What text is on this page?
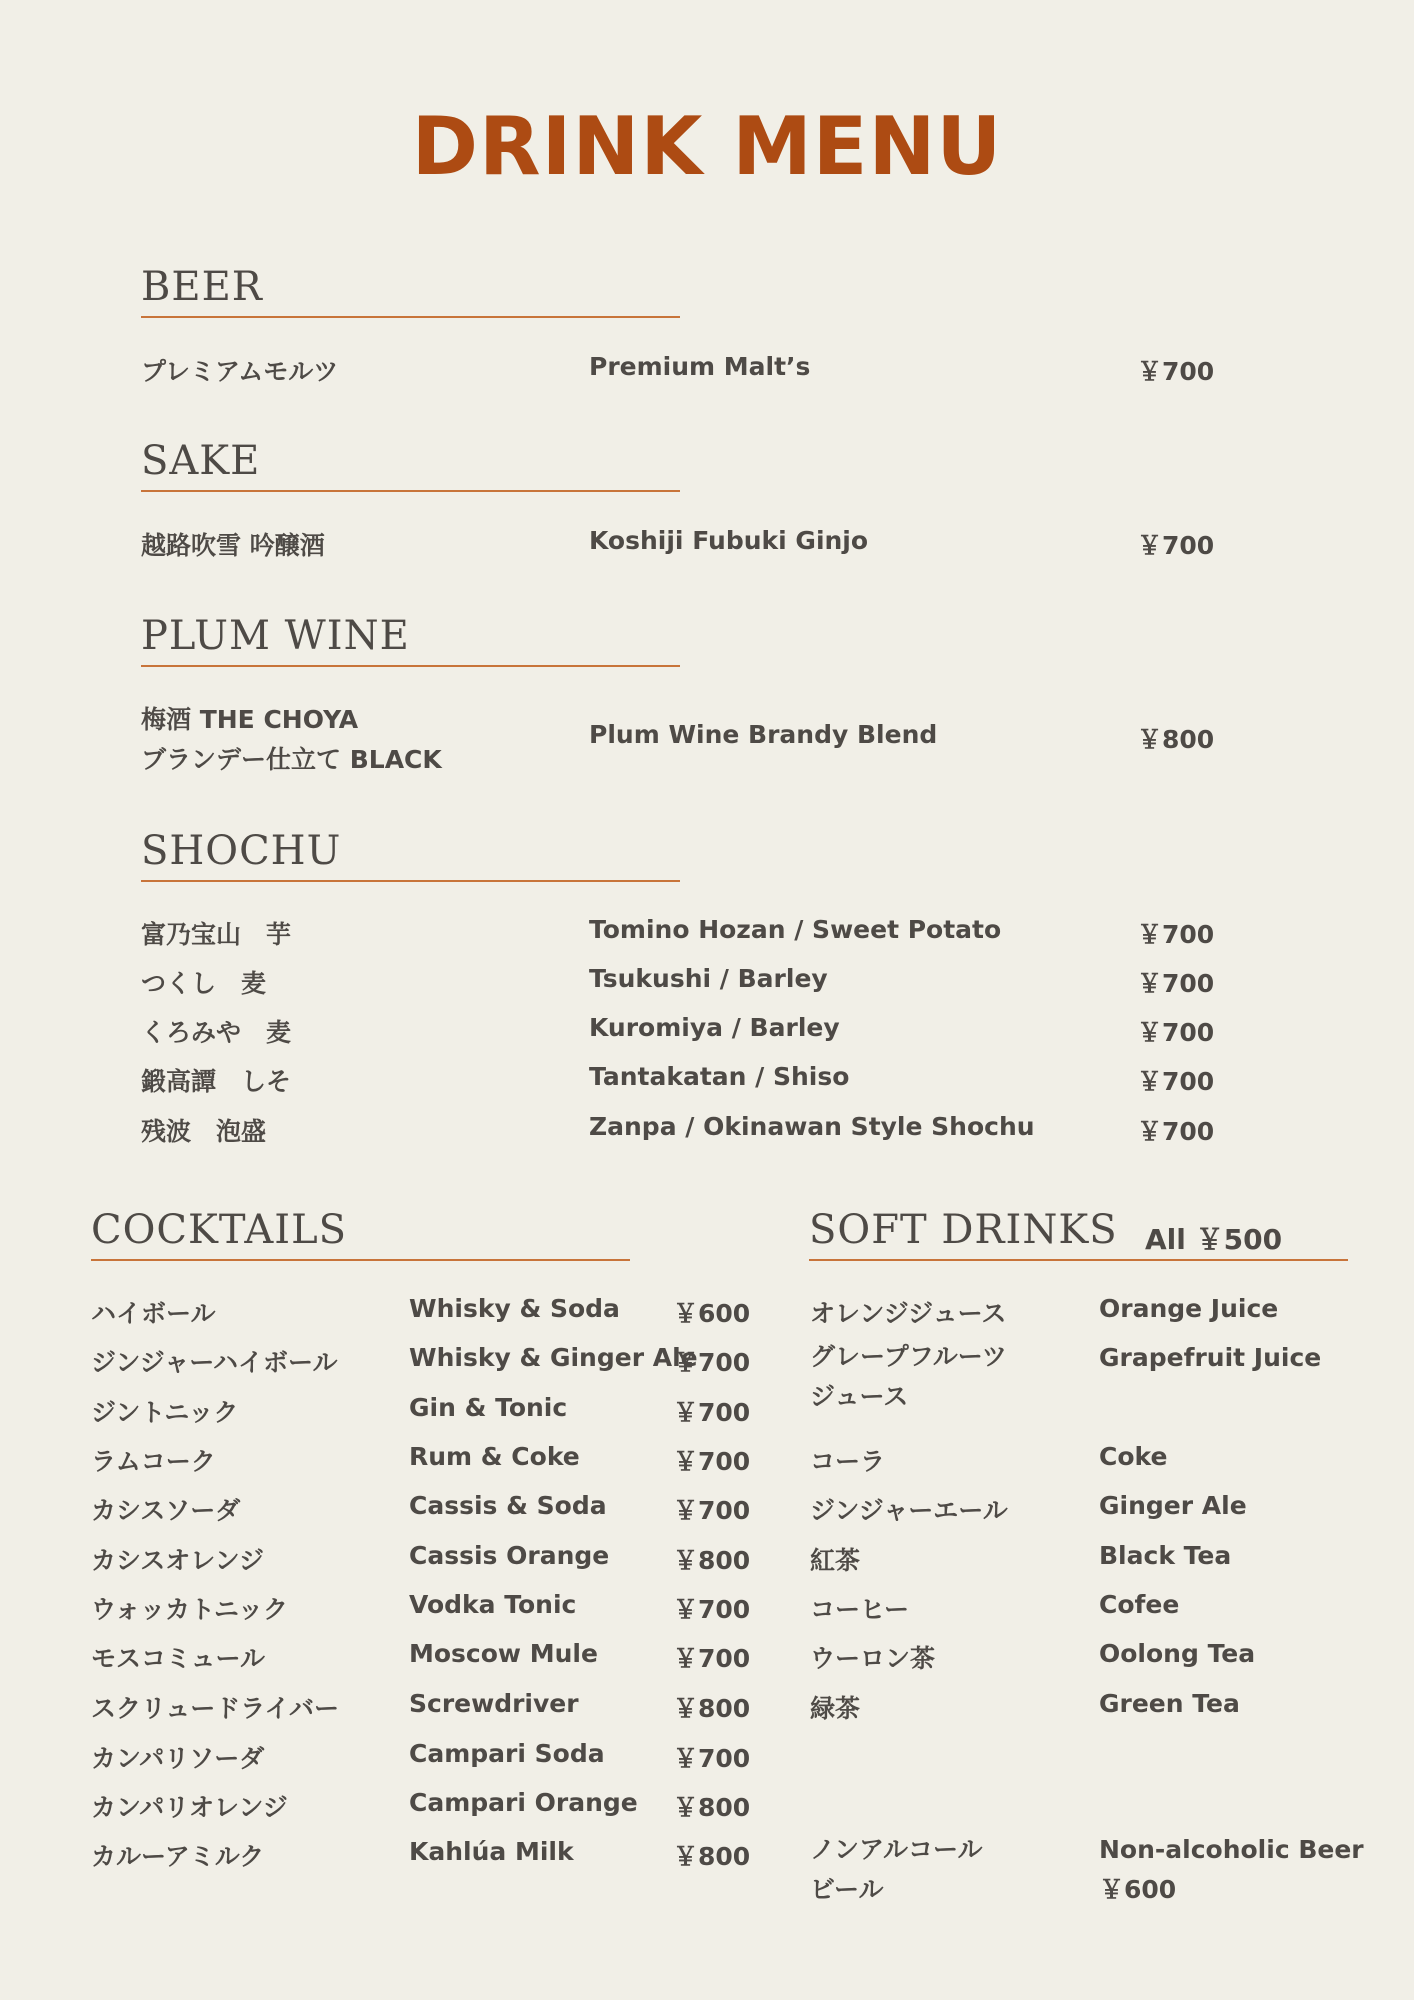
DRINK MENU
BEER
プレミアムモルツ	Premium Malt’s	￥700
SAKE
越路吹雪 吟醸酒	Koshiji Fubuki Ginjo	￥700
PLUM WINE
梅酒 THE CHOYA
ブランデー仕立て BLACK
Plum Wine Brandy Blend	￥800
SHOCHU
富乃宝山　芋	Tomino Hozan / Sweet Potato	￥700
つくし　麦	Tsukushi / Barley	￥700
くろみや　麦	Kuromiya / Barley	￥700
鍛高譚　しそ	Tantakatan / Shiso	￥700
残波　泡盛	Zanpa / Okinawan Style Shochu	￥700
COCKTAILS
ハイボール	Whisky & Soda ￥600
ジンジャーハイボール	Whisky & Ginger Ale
￥700
ジントニック	Gin & Tonic	￥700
ラムコーク	Rum & Coke	￥700
カシスソーダ	Cassis & Soda	￥700
カシスオレンジ	Cassis Orange	￥800
ウォッカトニック	Vodka Tonic	￥700
モスコミュール	Moscow Mule	￥700
スクリュードライバー	Screwdriver	￥800
カンパリソーダ	Campari Soda	￥700
カンパリオレンジ	Campari Orange ￥800
カルーアミルク	Kahlúa Milk	￥800
SOFT DRINKS All ￥500
オレンジジュース	Orange Juice
グレープフルーツ
ジュース
Grapefruit Juice
コーラ	Coke
ジンジャーエール	Ginger Ale
紅茶	Black Tea
コーヒー	Cofee
ウーロン茶	Oolong Tea
緑茶	Green Tea
ノンアルコール
ビール
Non-alcoholic Beer
￥600
